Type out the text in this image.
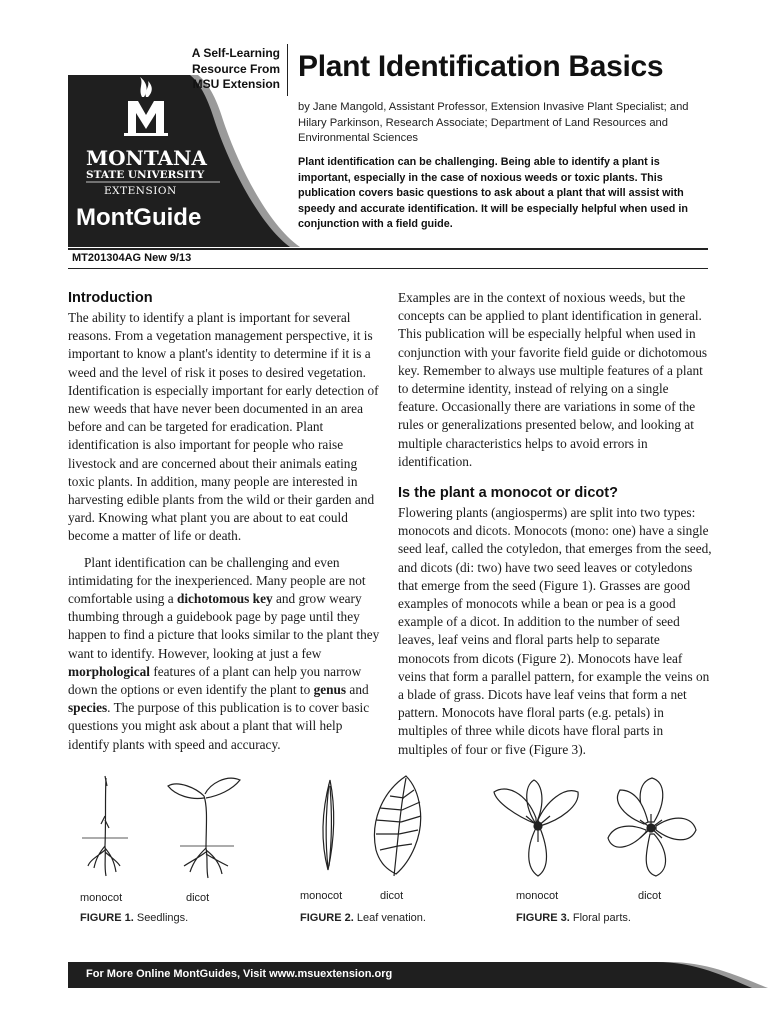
MONTANA
STATE UNIVERSITY
EXTENSION
MontGuide
A Self-Learning
Resource From
MSU Extension
Plant Identification Basics
by Jane Mangold, Assistant Professor, Extension Invasive Plant Specialist; and Hilary Parkinson, Research Associate; Department of Land Resources and Environmental Sciences
Plant identification can be challenging. Being able to identify a plant is important, especially in the case of noxious weeds or toxic plants. This publication covers basic questions to ask about a plant that will assist with speedy and accurate identification. It will be especially helpful when used in conjunction with a field guide.
MT201304AG New 9/13
Introduction

The ability to identify a plant is important for several reasons. From a vegetation management perspective, it is important to know a plant's identity to determine if it is a weed and the level of risk it poses to desired vegetation. Identification is especially important for early detection of new weeds that have never been documented in an area before and can be targeted for eradication. Plant identification is also important for people who raise livestock and are concerned about their animals eating toxic plants. In addition, many people are interested in harvesting edible plants from the wild or their garden and yard. Knowing what plant you are about to eat could become a matter of life or death.

Plant identification can be challenging and even intimidating for the inexperienced. Many people are not comfortable using a dichotomous key and grow weary thumbing through a guidebook page by page until they happen to find a picture that looks similar to the plant they want to identify. However, looking at just a few morphological features of a plant can help you narrow down the options or even identify the plant to genus and species. The purpose of this publication is to cover basic questions you might ask about a plant that will help identify plants with speed and accuracy.

Examples are in the context of noxious weeds, but the concepts can be applied to plant identification in general. This publication will be especially helpful when used in conjunction with your favorite field guide or dichotomous key. Remember to always use multiple features of a plant to determine identity, instead of relying on a single feature. Occasionally there are variations in some of the rules or generalizations presented below, and looking at multiple characteristics helps to avoid errors in identification.

Is the plant a monocot or dicot?

Flowering plants (angiosperms) are split into two types: monocots and dicots. Monocots (mono: one) have a single seed leaf, called the cotyledon, that emerges from the seed, and dicots (di: two) have two seed leaves or cotyledons that emerge from the seed (Figure 1). Grasses are good examples of monocots while a bean or pea is a good example of a dicot. In addition to the number of seed leaves, leaf veins and floral parts help to separate monocots from dicots (Figure 2). Monocots have leaf veins that form a parallel pattern, for example the veins on a blade of grass. Dicots have leaf veins that form a net pattern. Monocots have floral parts (e.g. petals) in multiples of three while dicots have floral parts in multiples of four or five (Figure 3).

monocot	dicot
FIGURE 1. Seedlings.
monocot	dicot
FIGURE 2. Leaf venation.
monocot	dicot
FIGURE 3. Floral parts.
For More Online MontGuides, Visit www.msuextension.org
